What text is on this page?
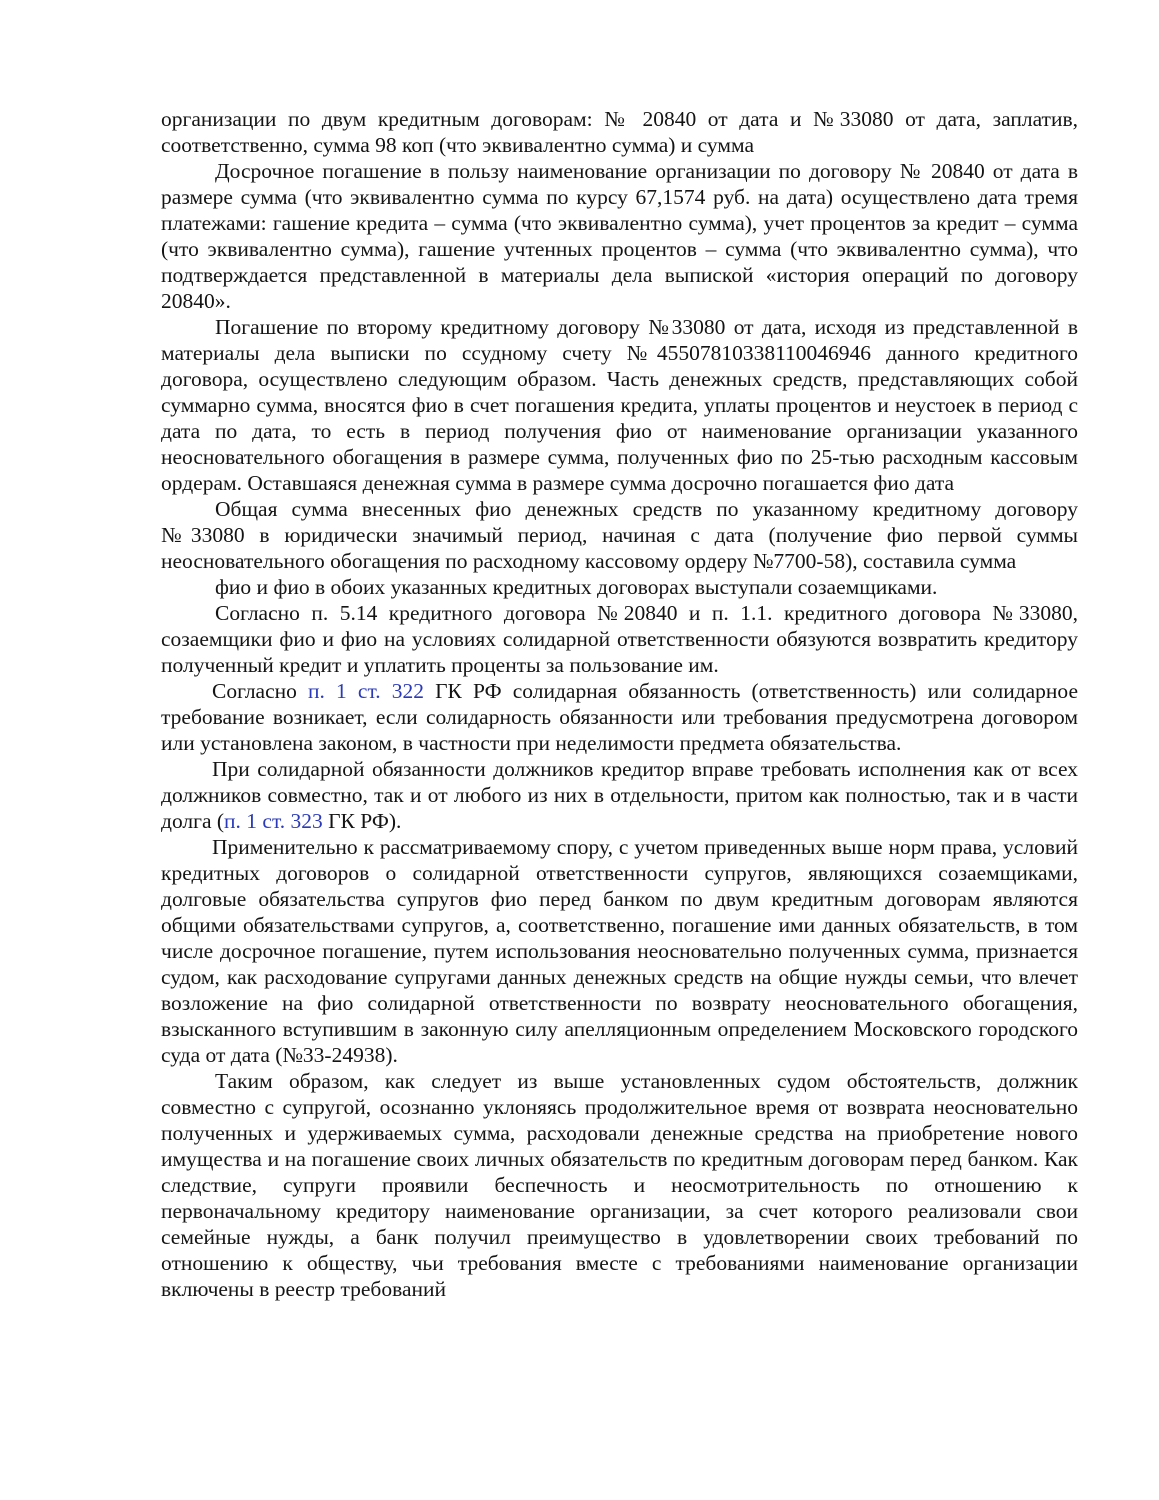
организации по двум кредитным договорам: № 20840 от дата и №33080 от дата, заплатив, соответственно, сумма 98 коп (что эквивалентно сумма) и сумма

Досрочное погашение в пользу наименование организации по договору № 20840 от дата в размере сумма (что эквивалентно сумма по курсу 67,1574 руб. на дата) осуществлено дата тремя платежами: гашение кредита – сумма (что эквивалентно сумма), учет процентов за кредит – сумма (что эквивалентно сумма), гашение учтенных процентов – сумма (что эквивалентно сумма), что подтверждается представленной в материалы дела выпиской «история операций по договору 20840».

Погашение по второму кредитному договору №33080 от дата, исходя из представленной в материалы дела выписки по ссудному счету №45507810338110046946 данного кредитного договора, осуществлено следующим образом. Часть денежных средств, представляющих собой суммарно сумма, вносятся фио в счет погашения кредита, уплаты процентов и неустоек в период с дата по дата, то есть в период получения фио от наименование организации указанного неосновательного обогащения в размере сумма, полученных фио по 25-тью расходным кассовым ордерам. Оставшаяся денежная сумма в размере сумма досрочно погашается фио дата

Общая сумма внесенных фио денежных средств по указанному кредитному договору №33080 в юридически значимый период, начиная с дата (получение фио первой суммы неосновательного обогащения по расходному кассовому ордеру №7700-58), составила сумма

фио и фио в обоих указанных кредитных договорах выступали созаемщиками.

Согласно п. 5.14 кредитного договора №20840 и п. 1.1. кредитного договора №33080, созаемщики фио и фио на условиях солидарной ответственности обязуются возвратить кредитору полученный кредит и уплатить проценты за пользование им.

Согласно п. 1 ст. 322 ГК РФ солидарная обязанность (ответственность) или солидарное требование возникает, если солидарность обязанности или требования предусмотрена договором или установлена законом, в частности при неделимости предмета обязательства.

При солидарной обязанности должников кредитор вправе требовать исполнения как от всех должников совместно, так и от любого из них в отдельности, притом как полностью, так и в части долга (п. 1 ст. 323 ГК РФ).

Применительно к рассматриваемому спору, с учетом приведенных выше норм права, условий кредитных договоров о солидарной ответственности супругов, являющихся созаемщиками, долговые обязательства супругов фио перед банком по двум кредитным договорам являются общими обязательствами супругов, а, соответственно, погашение ими данных обязательств, в том числе досрочное погашение, путем использования неосновательно полученных сумма, признается судом, как расходование супругами данных денежных средств на общие нужды семьи, что влечет возложение на фио солидарной ответственности по возврату неосновательного обогащения, взысканного вступившим в законную силу апелляционным определением Московского городского суда от дата (№33-24938).

Таким образом, как следует из выше установленных судом обстоятельств, должник совместно с супругой, осознанно уклоняясь продолжительное время от возврата неосновательно полученных и удерживаемых сумма, расходовали денежные средства на приобретение нового имущества и на погашение своих личных обязательств по кредитным договорам перед банком. Как следствие, супруги проявили беспечность и неосмотрительность по отношению к первоначальному кредитору наименование организации, за счет которого реализовали свои семейные нужды, а банк получил преимущество в удовлетворении своих требований по отношению к обществу, чьи требования вместе с требованиями наименование организации включены в реестр требований
